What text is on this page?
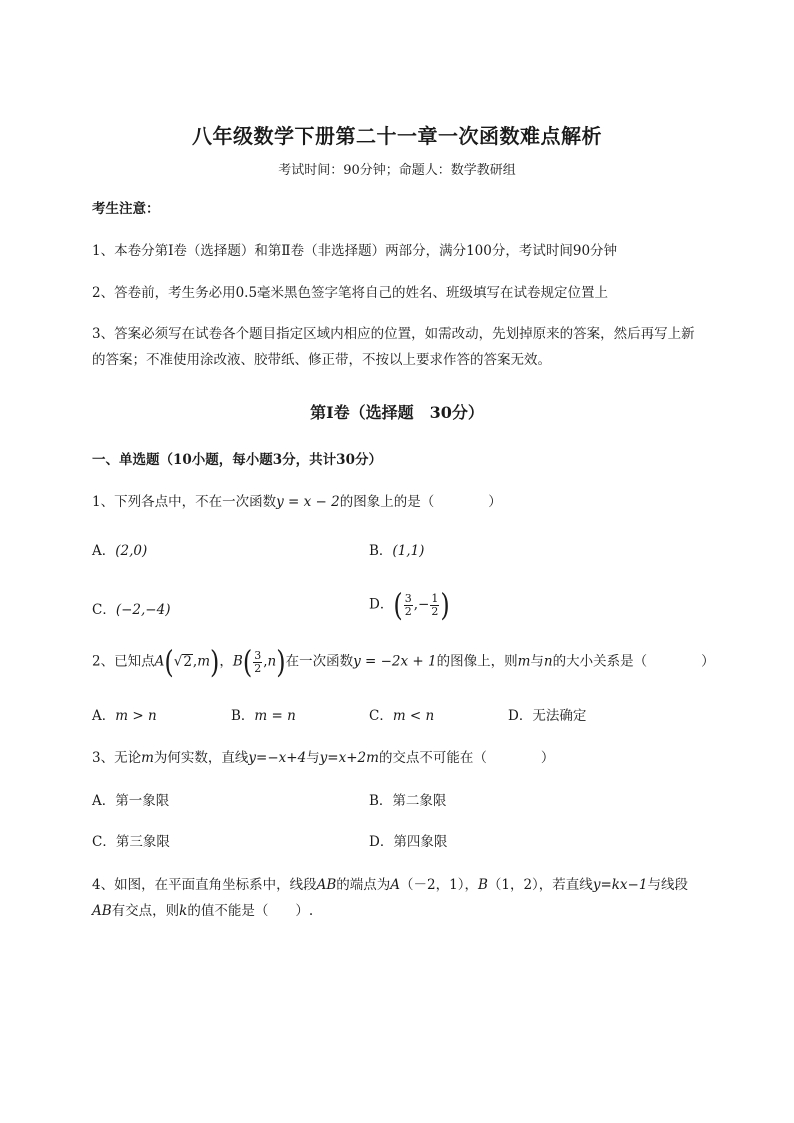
八年级数学下册第二十一章一次函数难点解析
考试时间：90分钟；命题人：数学教研组
考生注意：
1、本卷分第Ⅰ卷（选择题）和第Ⅱ卷（非选择题）两部分，满分100分，考试时间90分钟
2、答卷前，考生务必用0.5毫米黑色签字笔将自己的姓名、班级填写在试卷规定位置上
3、答案必须写在试卷各个题目指定区域内相应的位置，如需改动，先划掉原来的答案，然后再写上新
的答案；不准使用涂改液、胶带纸、修正带，不按以上要求作答的答案无效。
第Ⅰ卷（选择题　30分）
一、单选题（10小题，每小题3分，共计30分）
1、下列各点中，不在一次函数y = x − 2的图象上的是（　　　　）
A．(2,0)	B．(1,1)
C．(−2,−4)	D．( $\frac{3}{2}$ ,− $\frac{1}{2}$ )
2、已知点A(√2,m)，$B( \frac{3}{2} ,n)$在一次函数y = −2x + 1的图像上，则m与n的大小关系是（　　　　）
A．m > n	B．m = n	C．m < n	D．无法确定
3、无论m为何实数，直线y=−x+4与y=x+2m的交点不可能在（　　　　）
A．第一象限	B．第二象限
C．第三象限	D．第四象限
4、如图，在平面直角坐标系中，线段AB的端点为A（－2，1），B（1，2），若直线y=kx−1与线段
AB有交点，则k的值不能是（　　）.
